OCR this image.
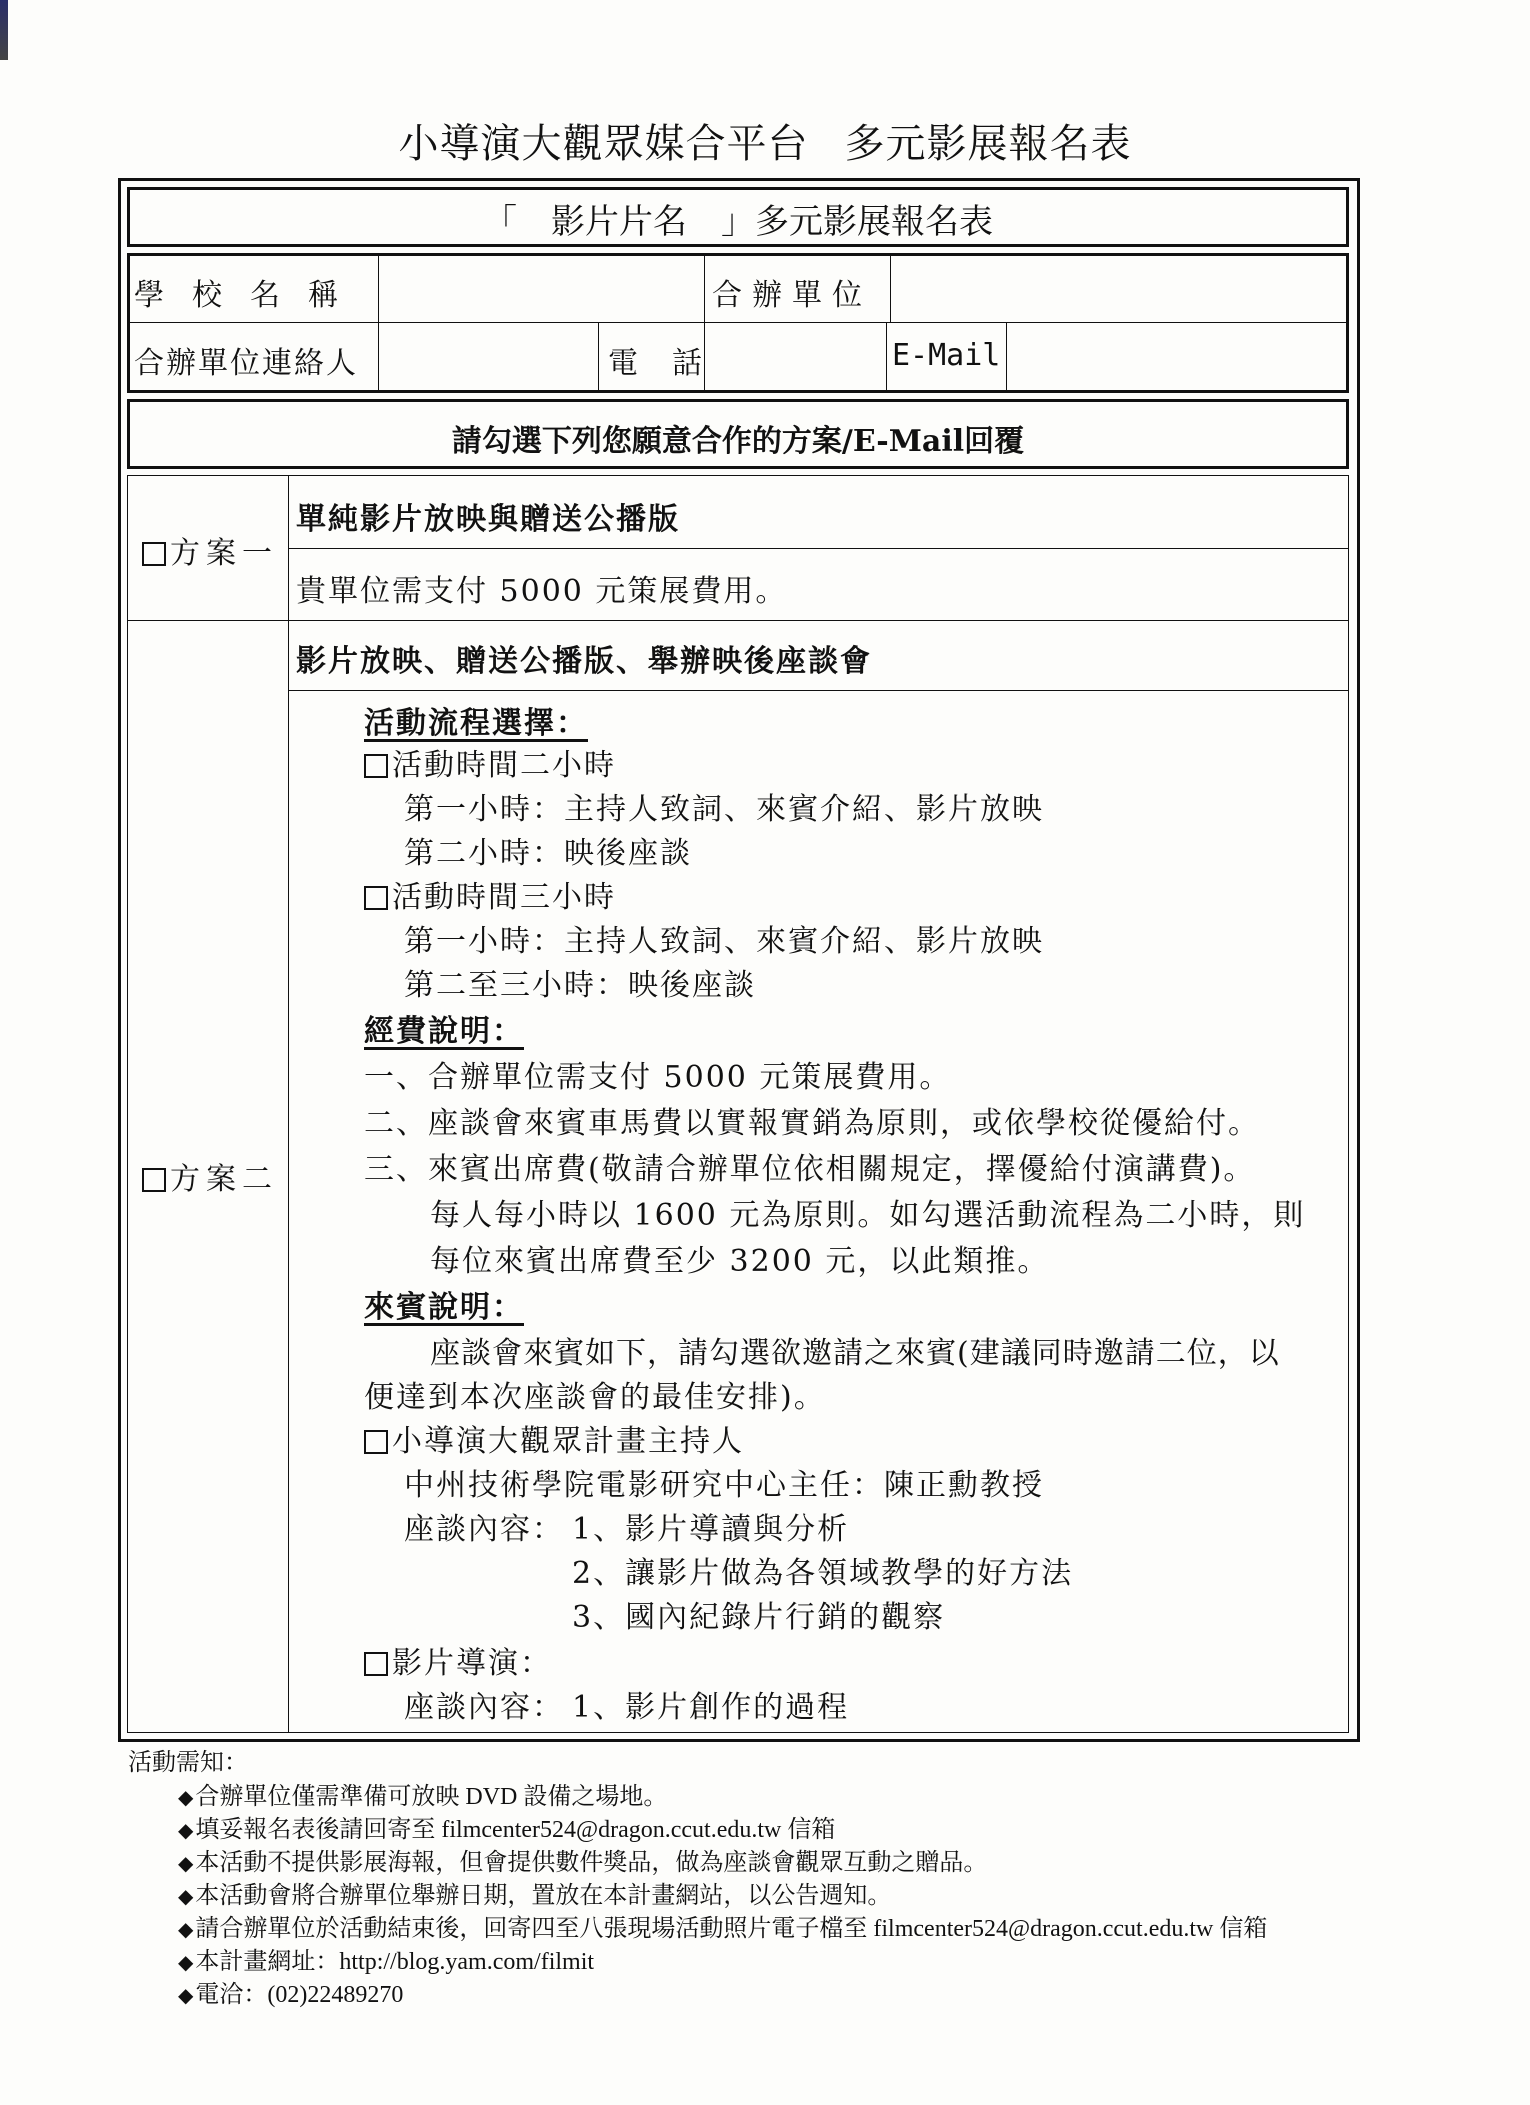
小導演大觀眾媒合平台 多元影展報名表
「 影片片名 」多元影展報名表
學校名稱	合辦單位
合辦單位連絡人	電話	E-Mail
請勾選下列您願意合作的方案/E-Mail回覆
方案一
單純影片放映與贈送公播版
貴單位需支付 5000 元策展費用。
方案二
影片放映、贈送公播版、舉辦映後座談會
活動流程選擇：
活動時間二小時
第一小時：主持人致詞、來賓介紹、影片放映
第二小時：映後座談
活動時間三小時
第一小時：主持人致詞、來賓介紹、影片放映
第二至三小時：映後座談
經費說明：
一、合辦單位需支付 5000 元策展費用。
二、座談會來賓車馬費以實報實銷為原則，或依學校從優給付。
三、來賓出席費(敬請合辦單位依相關規定，擇優給付演講費)。
每人每小時以 1600 元為原則。如勾選活動流程為二小時，則
每位來賓出席費至少 3200 元，以此類推。
來賓說明：
座談會來賓如下，請勾選欲邀請之來賓(建議同時邀請二位，以
便達到本次座談會的最佳安排)。
小導演大觀眾計畫主持人
中州技術學院電影研究中心主任：陳正勳教授
座談內容： 1、影片導讀與分析
2、讓影片做為各領域教學的好方法
3、國內紀錄片行銷的觀察
影片導演：
座談內容： 1、影片創作的過程
活動需知：
◆合辦單位僅需準備可放映 DVD 設備之場地。
◆填妥報名表後請回寄至 filmcenter524@dragon.ccut.edu.tw 信箱
◆本活動不提供影展海報，但會提供數件獎品，做為座談會觀眾互動之贈品。
◆本活動會將合辦單位舉辦日期，置放在本計畫網站，以公告週知。
◆請合辦單位於活動結束後，回寄四至八張現場活動照片電子檔至 filmcenter524@dragon.ccut.edu.tw 信箱
◆本計畫網址：http://blog.yam.com/filmit
◆電洽：(02)22489270
